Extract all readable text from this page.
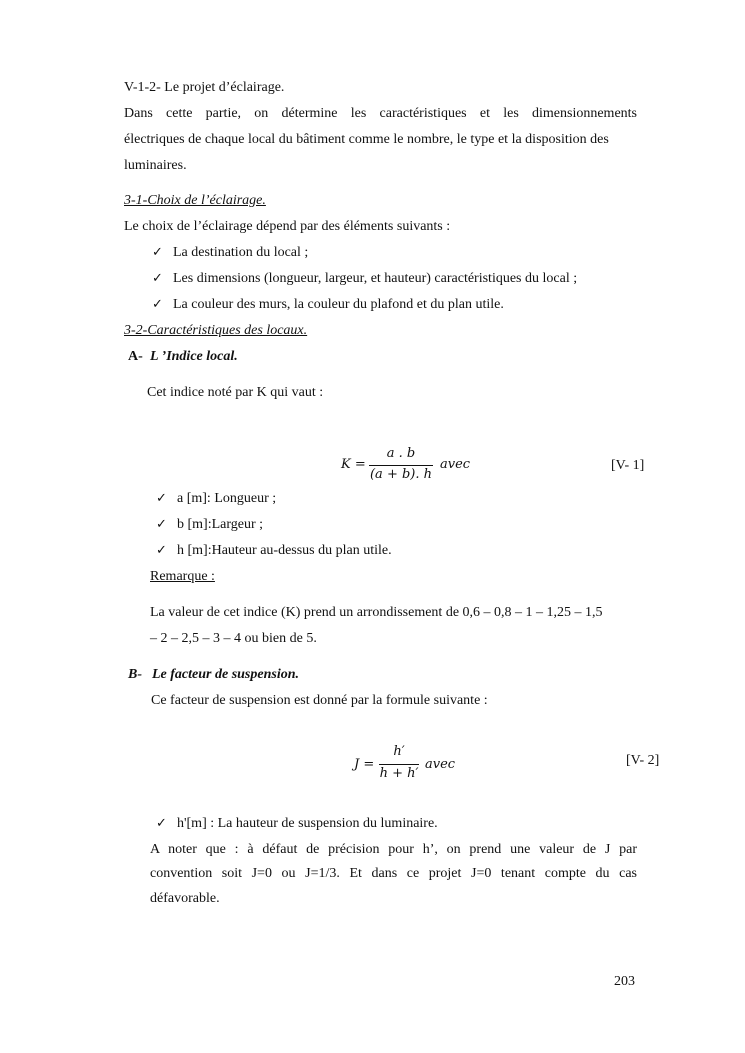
V-1-2- Le projet d’éclairage.
Dans cette partie, on détermine les caractéristiques et les dimensionnements
électriques de chaque local du bâtiment comme le nombre, le type et la disposition des
luminaires.
3-1-Choix de l’éclairage.
Le choix de l’éclairage dépend par des éléments suivants :
✓ La destination du local ;
✓ Les dimensions (longueur, largeur, et hauteur) caractéristiques du local ;
✓ La couleur des murs, la couleur du plafond et du plan utile.
3-2-Caractéristiques des locaux.
A- L ’Indice local.
Cet indice noté par K qui vaut :
K =
a . b
(a + b). h
avec	[V- 1]
✓ a [m]: Longueur ;
✓ b [m]:Largeur ;
✓ h [m]:Hauteur au-dessus du plan utile.
Remarque :
La valeur de cet indice (K) prend un arrondissement de 0,6 – 0,8 – 1 – 1,25 – 1,5
– 2 – 2,5 – 3 – 4 ou bien de 5.
B- Le facteur de suspension.
Ce facteur de suspension est donné par la formule suivante :
J =
h′
h + h′
avec	[V- 2]
✓ h'[m] : La hauteur de suspension du luminaire.
A noter que : à défaut de précision pour h’, on prend une valeur de J par
convention soit J=0 ou J=1/3. Et dans ce projet J=0 tenant compte du cas
défavorable.
203
